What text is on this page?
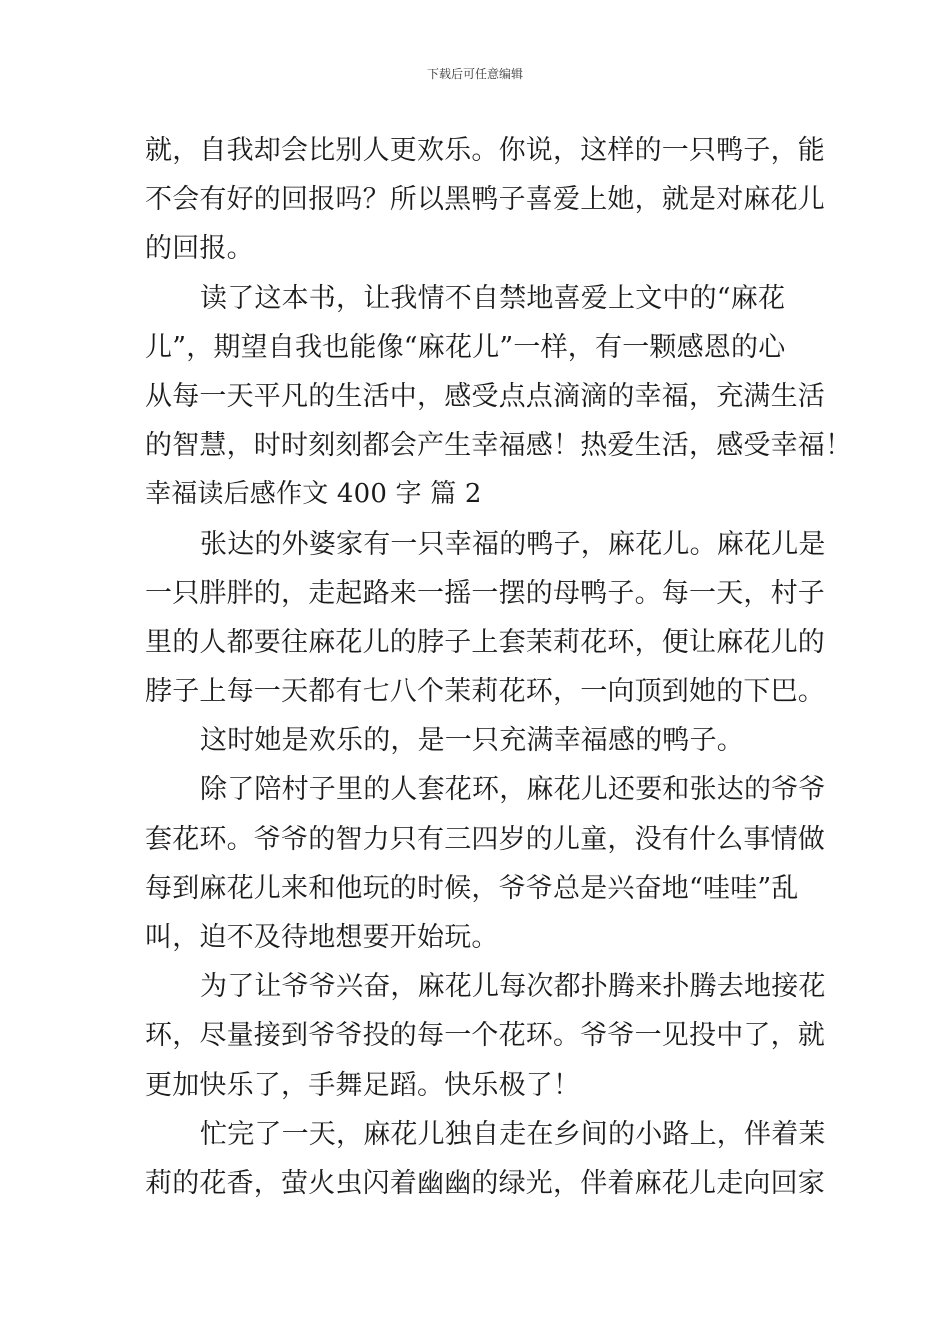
下载后可任意编辑
就，自我却会比别人更欢乐。你说，这样的一只鸭子，能
不会有好的回报吗？所以黑鸭子喜爱上她，就是对麻花儿
的回报。
读了这本书，让我情不自禁地喜爱上文中的“麻花
儿”，期望自我也能像“麻花儿”一样，有一颗感恩的心
从每一天平凡的生活中，感受点点滴滴的幸福，充满生活
的智慧，时时刻刻都会产生幸福感！热爱生活，感受幸福！
幸福读后感作文 400 字 篇 2
张达的外婆家有一只幸福的鸭子，麻花儿。麻花儿是
一只胖胖的，走起路来一摇一摆的母鸭子。每一天，村子
里的人都要往麻花儿的脖子上套茉莉花环，便让麻花儿的
脖子上每一天都有七八个茉莉花环，一向顶到她的下巴。
这时她是欢乐的，是一只充满幸福感的鸭子。
除了陪村子里的人套花环，麻花儿还要和张达的爷爷
套花环。爷爷的智力只有三四岁的儿童，没有什么事情做
每到麻花儿来和他玩的时候，爷爷总是兴奋地“哇哇”乱
叫，迫不及待地想要开始玩。
为了让爷爷兴奋，麻花儿每次都扑腾来扑腾去地接花
环，尽量接到爷爷投的每一个花环。爷爷一见投中了，就
更加快乐了，手舞足蹈。快乐极了！
忙完了一天，麻花儿独自走在乡间的小路上，伴着茉
莉的花香，萤火虫闪着幽幽的绿光，伴着麻花儿走向回家
